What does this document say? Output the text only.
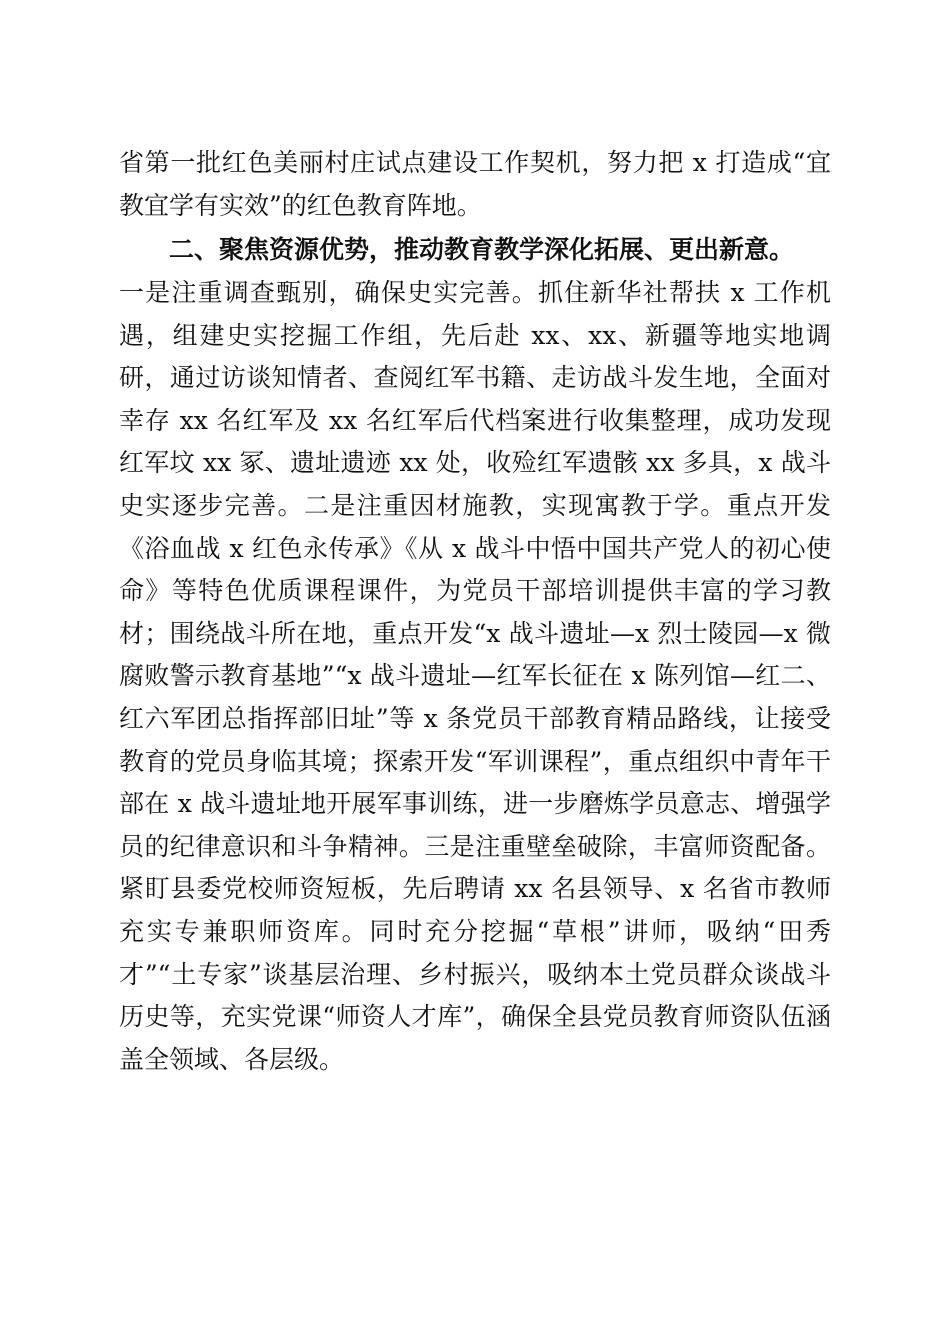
省第一批红色美丽村庄试点建设工作契机，努力把 x 打造成“宜教宜学有实效”的红色教育阵地。
二、聚焦资源优势，推动教育教学深化拓展、更出新意。
一是注重调查甄别，确保史实完善。抓住新华社帮扶 x 工作机遇，组建史实挖掘工作组，先后赴 xx、xx、新疆等地实地调研，通过访谈知情者、查阅红军书籍、走访战斗发生地，全面对幸存 xx 名红军及 xx 名红军后代档案进行收集整理，成功发现红军坟 xx 冢、遗址遗迹 xx 处，收殓红军遗骸 xx 多具，x 战斗史实逐步完善。二是注重因材施教，实现寓教于学。重点开发《浴血战 x 红色永传承》《从 x 战斗中悟中国共产党人的初心使命》等特色优质课程课件，为党员干部培训提供丰富的学习教材；围绕战斗所在地，重点开发“x 战斗遗址—x 烈士陵园—x 微腐败警示教育基地”“x 战斗遗址—红军长征在 x 陈列馆—红二、红六军团总指挥部旧址”等 x 条党员干部教育精品路线，让接受教育的党员身临其境；探索开发“军训课程”，重点组织中青年干部在 x 战斗遗址地开展军事训练，进一步磨炼学员意志、增强学员的纪律意识和斗争精神。三是注重壁垒破除，丰富师资配备。紧盯县委党校师资短板，先后聘请 xx 名县领导、x 名省市教师充实专兼职师资库。同时充分挖掘“草根”讲师，吸纳“田秀才”“土专家”谈基层治理、乡村振兴，吸纳本土党员群众谈战斗历史等，充实党课“师资人才库”，确保全县党员教育师资队伍涵盖全领域、各层级。
